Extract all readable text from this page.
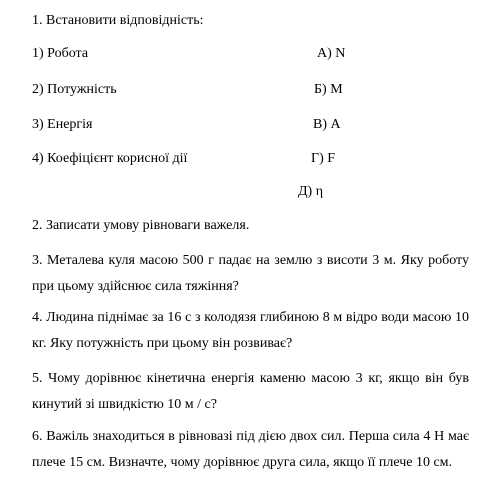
1. Встановити відповідність:
1) Робота	А) N
2) Потужність	Б) M
3) Енергія	В) А
4) Коефіцієнт корисної дії	Г) F
Д) η
2. Записати умову рівноваги важеля.
3. Металева куля масою 500 г падає на землю з висоти 3 м. Яку роботу при цьому здійснює сила тяжіння?
4. Людина піднімає за 16 с з колодязя глибиною 8 м відро води масою 10 кг. Яку потужність при цьому він розвиває?
5. Чому дорівнює кінетична енергія каменю масою 3 кг, якщо він був кинутий зі швидкістю 10 м / с?
6. Важіль знаходиться в рівновазі під дією двох сил. Перша сила 4 Н має плече 15 см. Визначте, чому дорівнює друга сила, якщо її плече 10 см.
